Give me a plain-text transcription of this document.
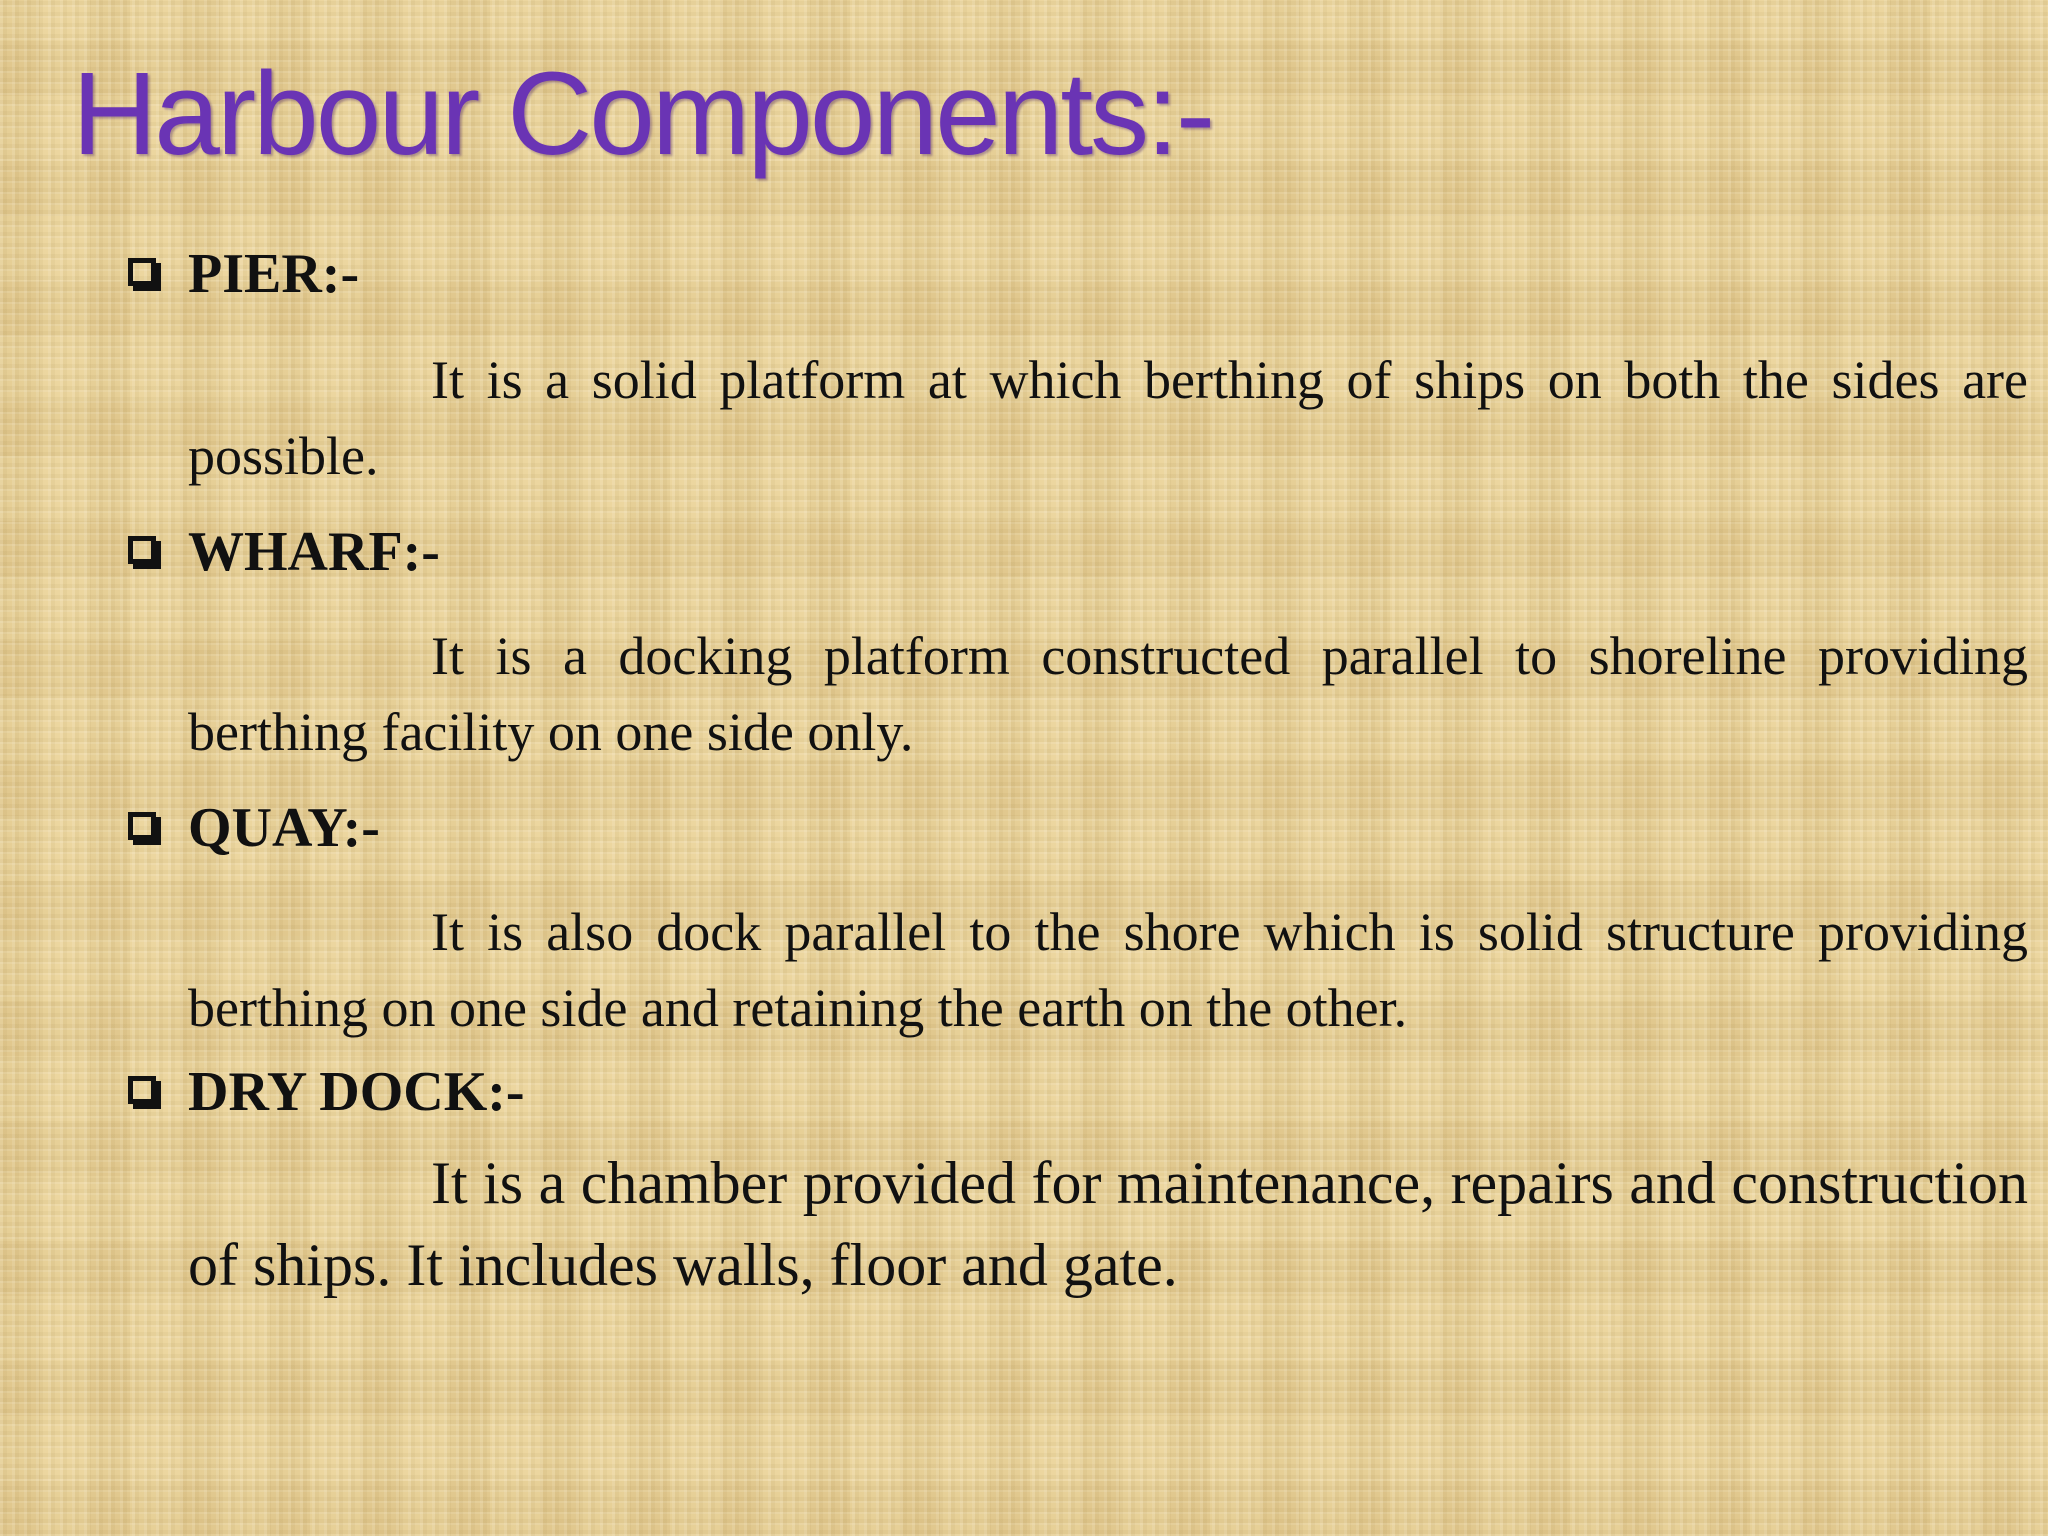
Harbour Components:-
PIER:-

It is a solid platform at which berthing of ships on both the sides are possible.

WHARF:-

It is a docking platform constructed parallel to shoreline providing berthing facility on one side only.

QUAY:-

It is also dock parallel to the shore which is solid structure providing berthing on one side and retaining the earth on the other.

DRY DOCK:-

It is a chamber provided for maintenance, repairs and construction of ships. It includes walls, floor and gate.
